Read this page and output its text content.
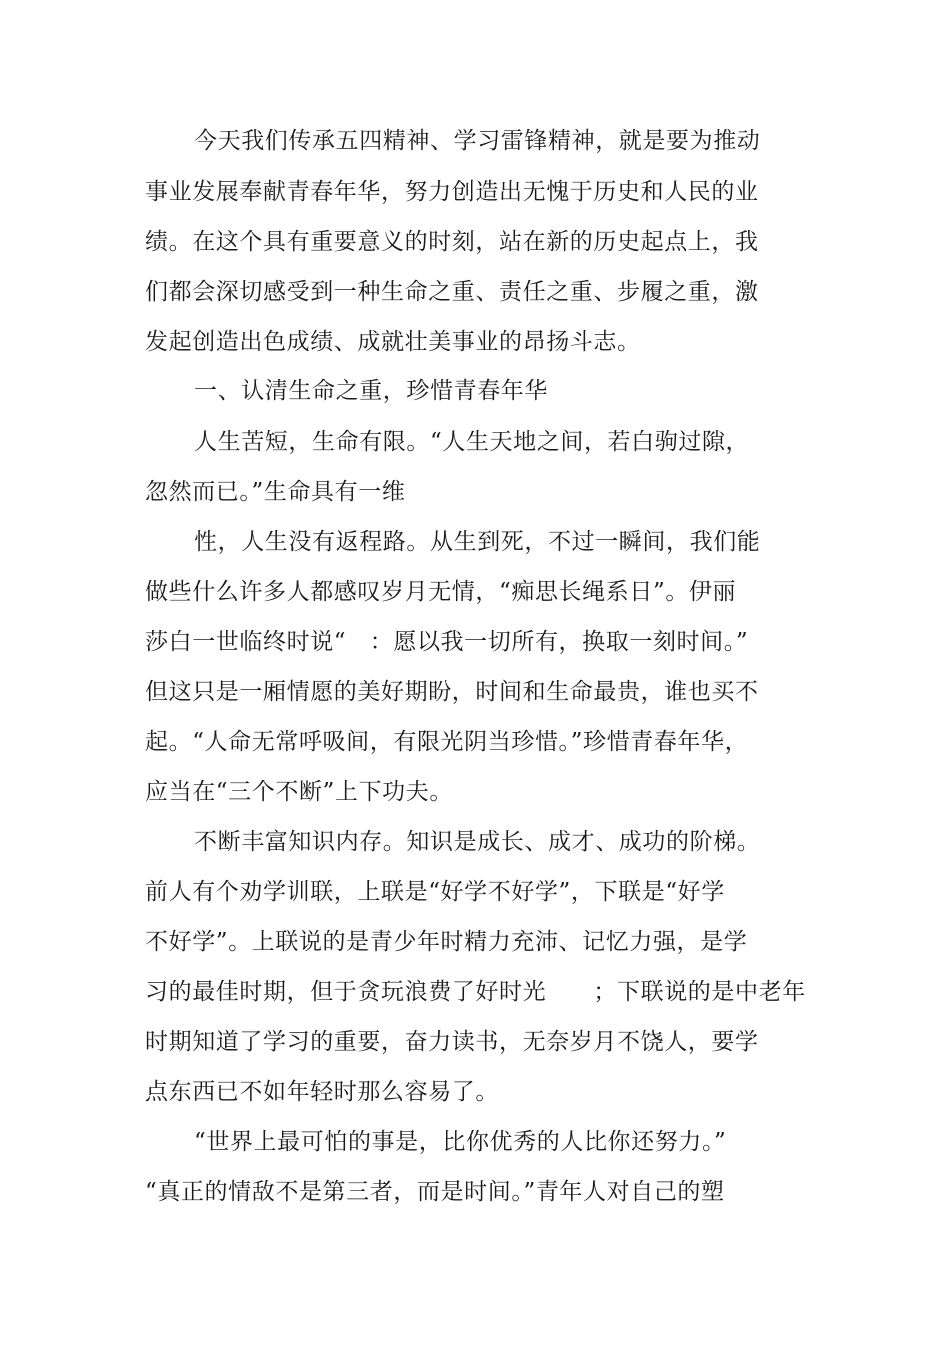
今天我们传承五四精神、学习雷锋精神，就是要为推动
事业发展奉献青春年华，努力创造出无愧于历史和人民的业
绩。在这个具有重要意义的时刻，站在新的历史起点上，我
们都会深切感受到一种生命之重、责任之重、步履之重，激
发起创造出色成绩、成就壮美事业的昂扬斗志。
一、认清生命之重，珍惜青春年华
人生苦短，生命有限。“人生天地之间，若白驹过隙，
忽然而已。”生命具有一维
性，人生没有返程路。从生到死，不过一瞬间，我们能
做些什么许多人都感叹岁月无情，“痴思长绳系日”。伊丽
莎白一世临终时说“　：愿以我一切所有，换取一刻时间。”
但这只是一厢情愿的美好期盼，时间和生命最贵，谁也买不
起。“人命无常呼吸间，有限光阴当珍惜。”珍惜青春年华，
应当在“三个不断”上下功夫。
不断丰富知识内存。知识是成长、成才、成功的阶梯。
前人有个劝学训联，上联是“好学不好学”，下联是“好学
不好学”。上联说的是青少年时精力充沛、记忆力强，是学
习的最佳时期，但于贪玩浪费了好时光　　；下联说的是中老年
时期知道了学习的重要，奋力读书，无奈岁月不饶人，要学
点东西已不如年轻时那么容易了。
“世界上最可怕的事是，比你优秀的人比你还努力。”
“真正的情敌不是第三者，而是时间。”青年人对自己的塑
